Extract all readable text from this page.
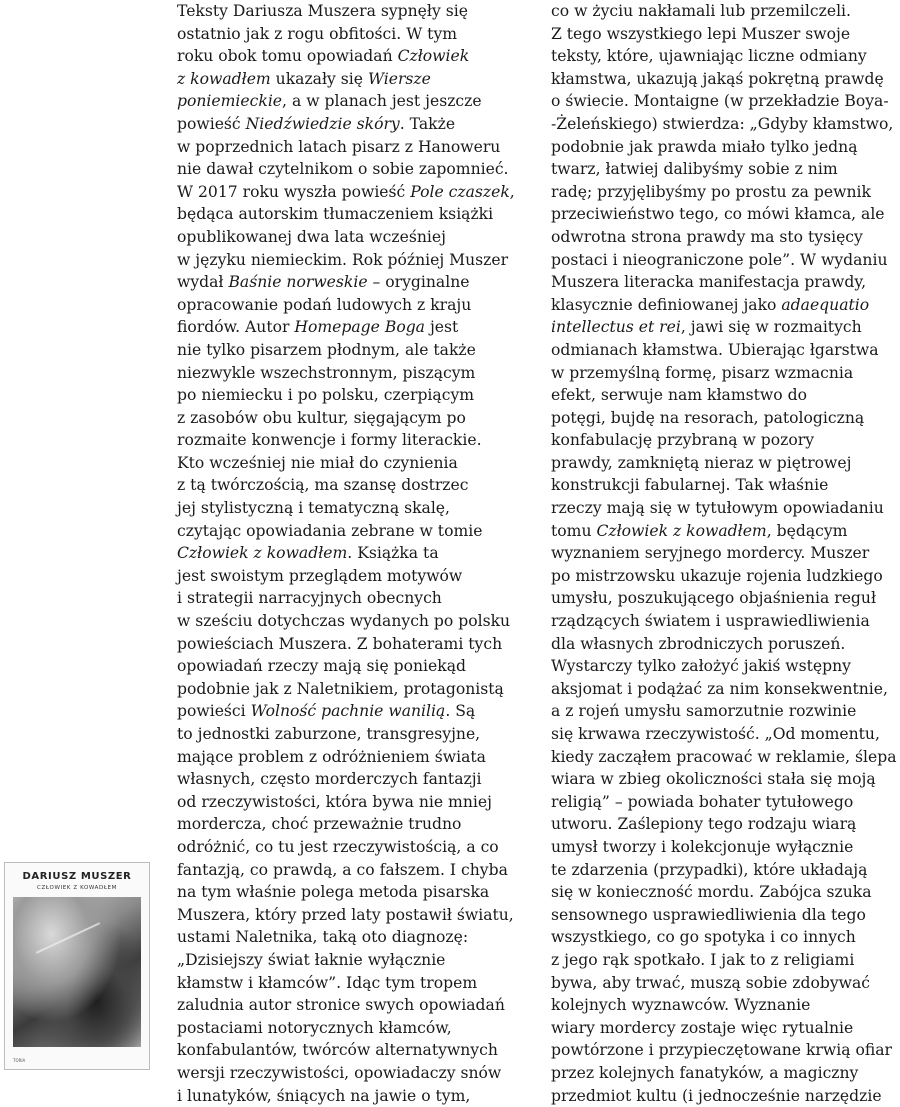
DARIUSZ MUSZER
CZŁOWIEK Z KOWADŁEM
TORIA
Teksty Dariusza Muszera sypnęły się
ostatnio jak z rogu obfitości. W tym
roku obok tomu opowiadań Człowiek
z kowadłem ukazały się Wiersze
poniemieckie, a w planach jest jeszcze
powieść Niedźwiedzie skóry. Także
w poprzednich latach pisarz z Hanoweru
nie dawał czytelnikom o sobie zapomnieć.
W 2017 roku wyszła powieść Pole czaszek,
będąca autorskim tłumaczeniem książki
opublikowanej dwa lata wcześniej
w języku niemieckim. Rok później Muszer
wydał Baśnie norweskie – oryginalne
opracowanie podań ludowych z kraju
fiordów. Autor Homepage Boga jest
nie tylko pisarzem płodnym, ale także
niezwykle wszechstronnym, piszącym
po niemiecku i po polsku, czerpiącym
z zasobów obu kultur, sięgającym po
rozmaite konwencje i formy literackie.
Kto wcześniej nie miał do czynienia
z tą twórczością, ma szansę dostrzec
jej stylistyczną i tematyczną skalę,
czytając opowiadania zebrane w tomie
Człowiek z kowadłem. Książka ta
jest swoistym przeglądem motywów
i strategii narracyjnych obecnych
w sześciu dotychczas wydanych po polsku
powieściach Muszera. Z bohaterami tych
opowiadań rzeczy mają się poniekąd
podobnie jak z Naletnikiem, protagonistą
powieści Wolność pachnie wanilią. Są
to jednostki zaburzone, transgresyjne,
mające problem z odróżnieniem świata
własnych, często morderczych fantazji
od rzeczywistości, która bywa nie mniej
mordercza, choć przeważnie trudno
odróżnić, co tu jest rzeczywistością, a co
fantazją, co prawdą, a co fałszem. I chyba
na tym właśnie polega metoda pisarska
Muszera, który przed laty postawił światu,
ustami Naletnika, taką oto diagnozę:
„Dzisiejszy świat łaknie wyłącznie
kłamstw i kłamców”. Idąc tym tropem
zaludnia autor stronice swych opowiadań
postaciami notorycznych kłamców,
konfabulantów, twórców alternatywnych
wersji rzeczywistości, opowiadaczy snów
i lunatyków, śniących na jawie o tym,
co w życiu nakłamali lub przemilczeli.
Z tego wszystkiego lepi Muszer swoje
teksty, które, ujawniając liczne odmiany
kłamstwa, ukazują jakąś pokrętną prawdę
o świecie. Montaigne (w przekładzie Boya-
-Żeleńskiego) stwierdza: „Gdyby kłamstwo,
podobnie jak prawda miało tylko jedną
twarz, łatwiej dalibyśmy sobie z nim
radę; przyjęlibyśmy po prostu za pewnik
przeciwieństwo tego, co mówi kłamca, ale
odwrotna strona prawdy ma sto tysięcy
postaci i nieograniczone pole”. W wydaniu
Muszera literacka manifestacja prawdy,
klasycznie definiowanej jako adaequatio
intellectus et rei, jawi się w rozmaitych
odmianach kłamstwa. Ubierając łgarstwa
w przemyślną formę, pisarz wzmacnia
efekt, serwuje nam kłamstwo do
potęgi, bujdę na resorach, patologiczną
konfabulację przybraną w pozory
prawdy, zamkniętą nieraz w piętrowej
konstrukcji fabularnej. Tak właśnie
rzeczy mają się w tytułowym opowiadaniu
tomu Człowiek z kowadłem, będącym
wyznaniem seryjnego mordercy. Muszer
po mistrzowsku ukazuje rojenia ludzkiego
umysłu, poszukującego objaśnienia reguł
rządzących światem i usprawiedliwienia
dla własnych zbrodniczych poruszeń.
Wystarczy tylko założyć jakiś wstępny
aksjomat i podążać za nim konsekwentnie,
a z rojeń umysłu samorzutnie rozwinie
się krwawa rzeczywistość. „Od momentu,
kiedy zacząłem pracować w reklamie, ślepa
wiara w zbieg okoliczności stała się moją
religią” – powiada bohater tytułowego
utworu. Zaślepiony tego rodzaju wiarą
umysł tworzy i kolekcjonuje wyłącznie
te zdarzenia (przypadki), które układają
się w konieczność mordu. Zabójca szuka
sensownego usprawiedliwienia dla tego
wszystkiego, co go spotyka i co innych
z jego rąk spotkało. I jak to z religiami
bywa, aby trwać, muszą sobie zdobywać
kolejnych wyznawców. Wyznanie
wiary mordercy zostaje więc rytualnie
powtórzone i przypieczętowane krwią ofiar
przez kolejnych fanatyków, a magiczny
przedmiot kultu (i jednocześnie narzędzie
